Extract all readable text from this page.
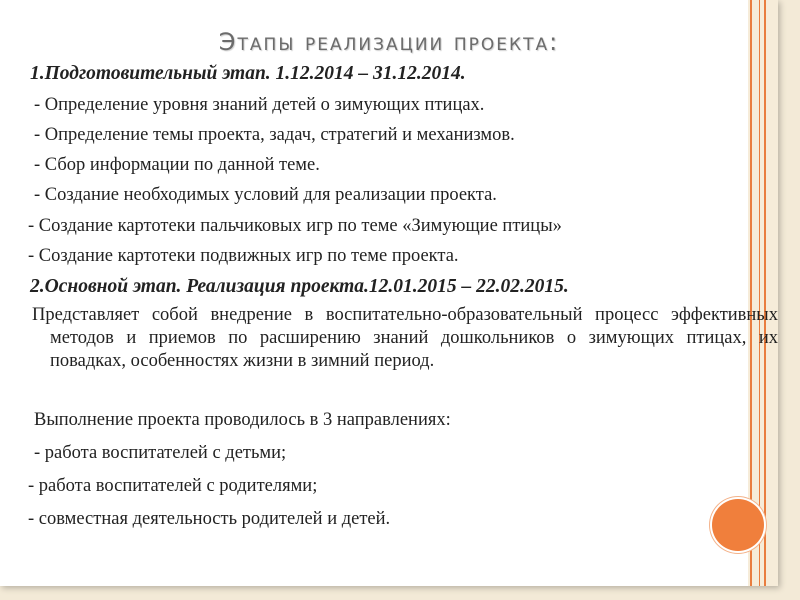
Этапы реализации проекта:

1.Подготовительный этап. 1.12.2014 – 31.12.2014.

- Определение уровня знаний детей о зимующих птицах.

- Определение темы проекта, задач, стратегий и механизмов.

- Сбор информации по данной теме.

- Создание необходимых условий для реализации проекта.

- Создание картотеки пальчиковых игр по теме «Зимующие птицы»

- Создание картотеки подвижных игр по теме проекта.

2.Основной этап. Реализация проекта.12.01.2015 – 22.02.2015.

Представляет собой внедрение в воспитательно-образовательный процесс эффективных методов и приемов по расширению знаний дошкольников о зимующих птицах, их повадках, особенностях жизни в зимний период.

Выполнение проекта проводилось в 3 направлениях:

- работа воспитателей с детьми;

- работа воспитателей с родителями;

- совместная деятельность родителей и детей.
